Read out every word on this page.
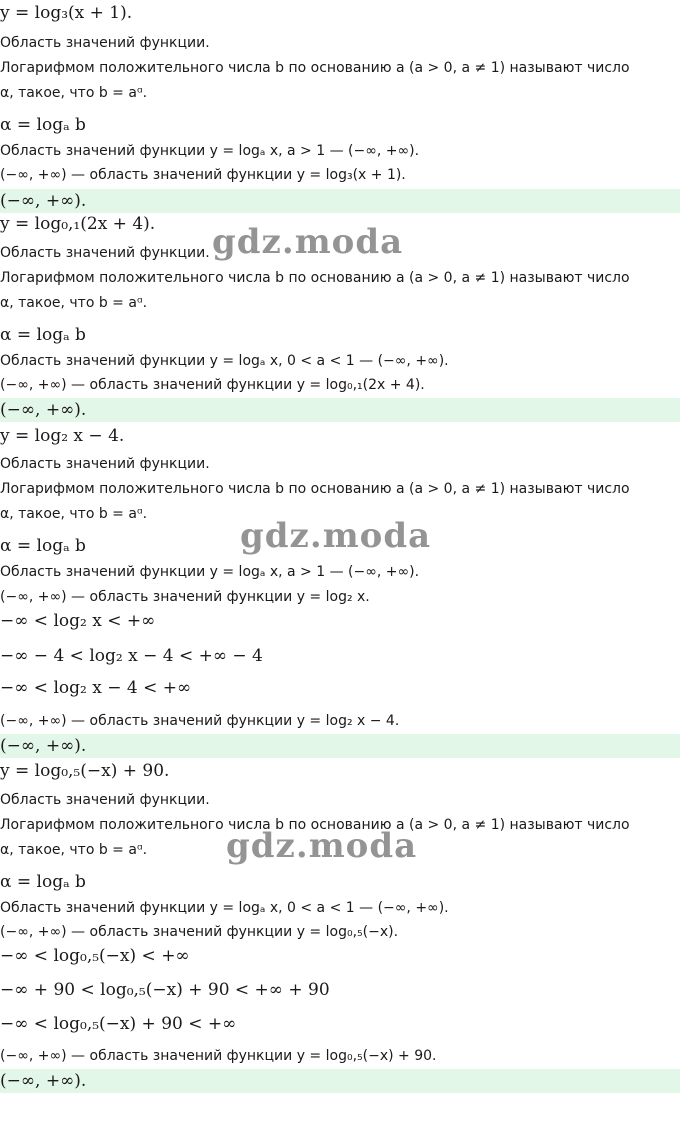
y = log₃(x + 1).
Область значений функции.
Логарифмом положительного числа b по основанию a (a > 0, a ≠ 1) называют число
α, такое, что b = aᵅ.
α = logₐ b
Область значений функции y = logₐ x, a > 1 — (−∞, +∞).
(−∞, +∞) — область значений функции y = log₃(x + 1).
(−∞, +∞).
y = log₀,₁(2x + 4).
Область значений функции.
Логарифмом положительного числа b по основанию a (a > 0, a ≠ 1) называют число
α, такое, что b = aᵅ.
α = logₐ b
Область значений функции y = logₐ x, 0 < a < 1 — (−∞, +∞).
(−∞, +∞) — область значений функции y = log₀,₁(2x + 4).
(−∞, +∞).
y = log₂ x − 4.
Область значений функции.
Логарифмом положительного числа b по основанию a (a > 0, a ≠ 1) называют число
α, такое, что b = aᵅ.
α = logₐ b
Область значений функции y = logₐ x, a > 1 — (−∞, +∞).
(−∞, +∞) — область значений функции y = log₂ x.
−∞ < log₂ x < +∞
−∞ − 4 < log₂ x − 4 < +∞ − 4
−∞ < log₂ x − 4 < +∞
(−∞, +∞) — область значений функции y = log₂ x − 4.
(−∞, +∞).
y = log₀,₅(−x) + 90.
Область значений функции.
Логарифмом положительного числа b по основанию a (a > 0, a ≠ 1) называют число
α, такое, что b = aᵅ.
α = logₐ b
Область значений функции y = logₐ x, 0 < a < 1 — (−∞, +∞).
(−∞, +∞) — область значений функции y = log₀,₅(−x).
−∞ < log₀,₅(−x) < +∞
−∞ + 90 < log₀,₅(−x) + 90 < +∞ + 90
−∞ < log₀,₅(−x) + 90 < +∞
(−∞, +∞) — область значений функции y = log₀,₅(−x) + 90.
(−∞, +∞).
gdz.moda
gdz.moda
gdz.moda
